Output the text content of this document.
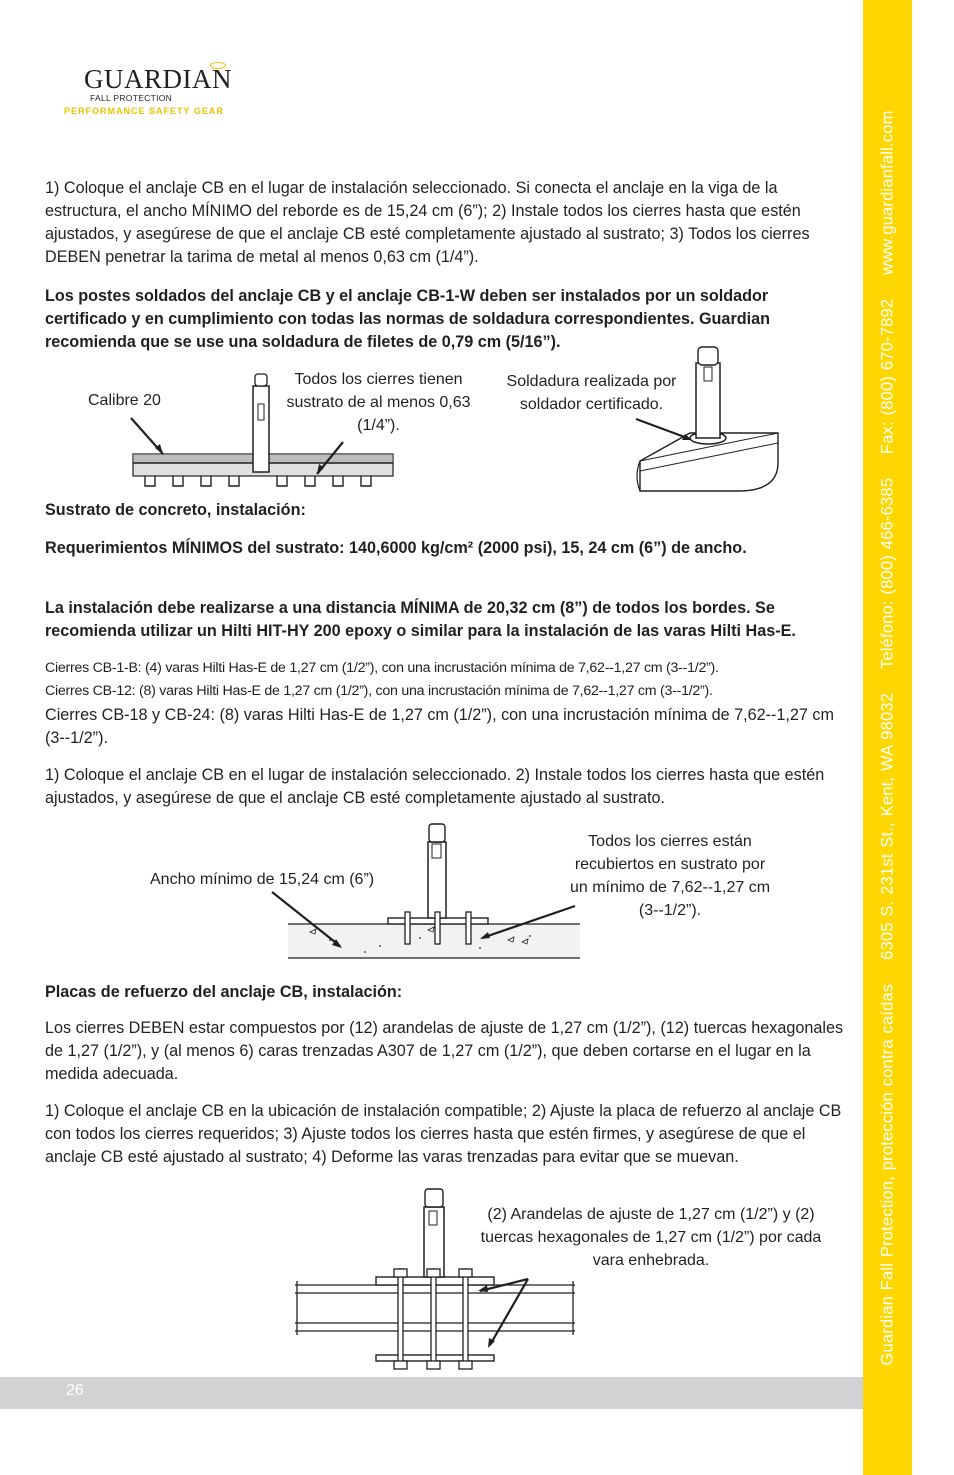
GUARDIAN
FALL PROTECTION
PERFORMANCE SAFETY GEAR

1) Coloque el anclaje CB en el lugar de instalación seleccionado. Si conecta el anclaje en la viga de la estructura, el ancho MÍNIMO del reborde es de 15,24 cm (6”); 2) Instale todos los cierres hasta que estén ajustados, y asegúrese de que el anclaje CB esté completamente ajustado al sustrato; 3) Todos los cierres DEBEN penetrar la tarima de metal al menos 0,63 cm (1/4”).

Los postes soldados del anclaje CB y el anclaje CB-1-W deben ser instalados por un soldador certificado y en cumplimiento con todas las normas de soldadura correspondientes. Guardian recomienda que se use una soldadura de filetes de 0,79 cm (5/16”).

Calibre 20
Todos los cierres tienen sustrato de al menos 0,63 (1/4”).
Soldadura realizada por soldador certificado.

Sustrato de concreto, instalación:

Requerimientos MÍNIMOS del sustrato: 140,6000 kg/cm² (2000 psi), 15, 24 cm (6”) de ancho.

La instalación debe realizarse a una distancia MÍNIMA de 20,32 cm (8”) de todos los bordes. Se recomienda utilizar un Hilti HIT-HY 200 epoxy o similar para la instalación de las varas Hilti Has-E.

Cierres CB-1-B: (4) varas Hilti Has-E de 1,27 cm (1/2”), con una incrustación mínima de 7,62--1,27 cm (3--1/2”).

Cierres CB-12: (8) varas Hilti Has-E de 1,27 cm (1/2”), con una incrustación mínima de 7,62--1,27 cm (3--1/2”).

Cierres CB-18 y CB-24: (8) varas Hilti Has-E de 1,27 cm (1/2”), con una incrustación mínima de 7,62--1,27 cm (3--1/2”).

1) Coloque el anclaje CB en el lugar de instalación seleccionado. 2) Instale todos los cierres hasta que estén ajustados, y asegúrese de que el anclaje CB esté completamente ajustado al sustrato.

Ancho mínimo de 15,24 cm (6”)
Todos los cierres están recubiertos en sustrato por un mínimo de 7,62--1,27 cm (3--1/2”).

Placas de refuerzo del anclaje CB, instalación:

Los cierres DEBEN estar compuestos por (12) arandelas de ajuste de 1,27 cm (1/2”), (12) tuercas hexagonales de 1,27 (1/2”), y (al menos 6) caras trenzadas A307 de 1,27 cm (1/2”), que deben cortarse en el lugar en la medida adecuada.

1) Coloque el anclaje CB en la ubicación de instalación compatible; 2) Ajuste la placa de refuerzo al anclaje CB con todos los cierres requeridos; 3) Ajuste todos los cierres hasta que estén firmes, y asegúrese de que el anclaje CB esté ajustado al sustrato; 4) Deforme las varas trenzadas para evitar que se muevan.

(2) Arandelas de ajuste de 1,27 cm (1/2”) y (2) tuercas hexagonales de 1,27 cm (1/2”) por cada vara enhebrada.
26
Guardian Fall Protection, protección contra caídas 6305 S. 231st St., Kent, WA 98032 Teléfono: (800) 466-6385 Fax: (800) 670-7892 www.guardianfall.com
